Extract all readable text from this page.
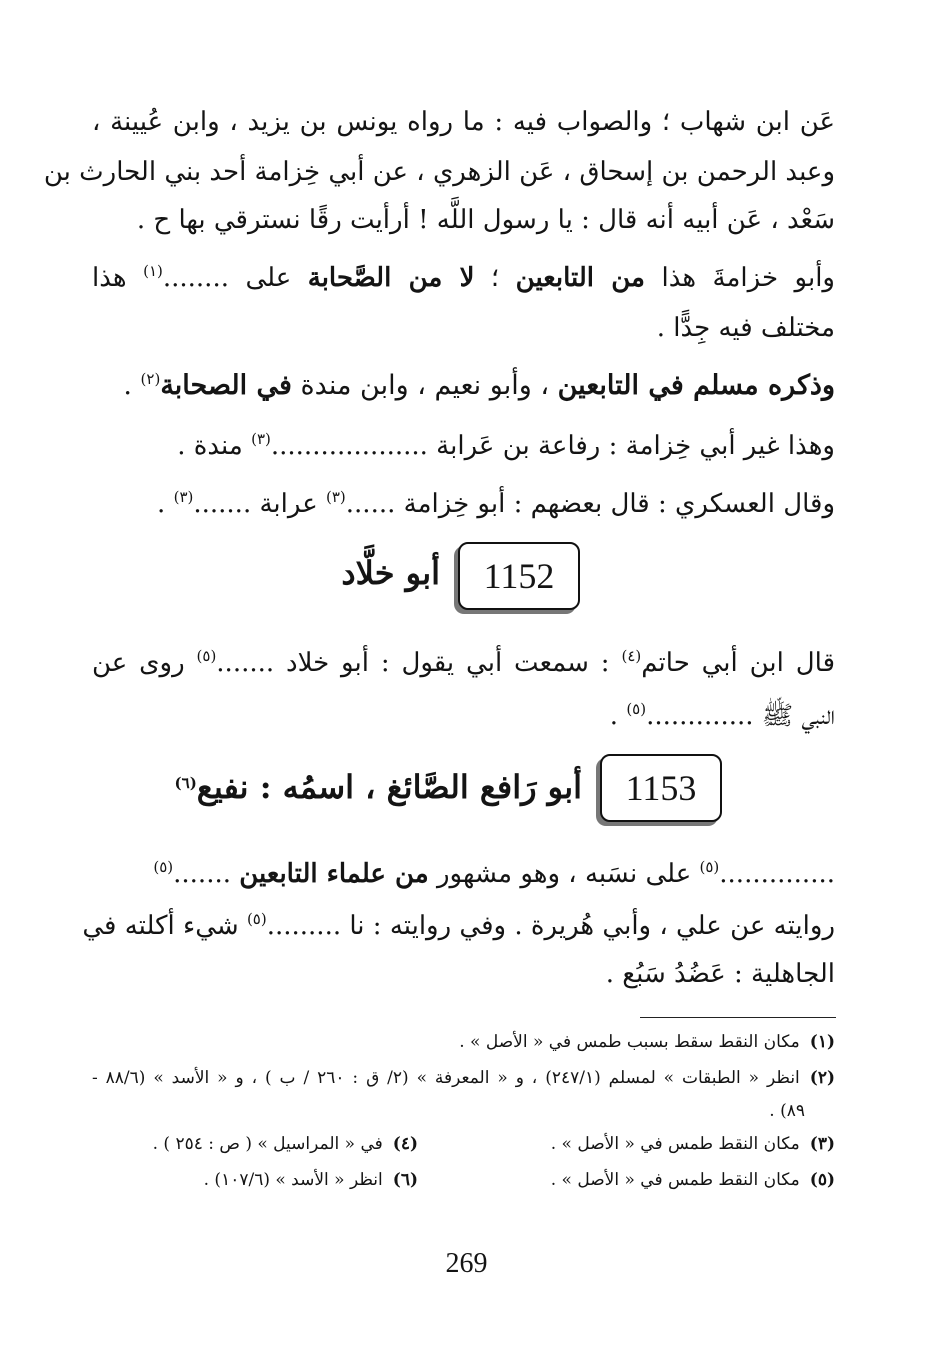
عَن ابن شهاب ؛ والصواب فيه : ما رواه يونس بن يزيد ، وابن عُيينة ،
وعبد الرحمن بن إسحاق ، عَن الزهري ، عن أبي خِزامة أحد بني الحارث بن
سَعْد ، عَن أبيه أنه قال : يا رسول اللَّه ! أرأيت رقًا نسترقي بها ح .
وأبو خزامةَ هذا من التابعين ؛ لا من الصَّحابة على ........$^{(١)}$ هذا
مختلف فيه جِدًّا .
وذكره مسلم في التابعين ، وأبو نعيم ، وابن مندة في الصحابة$^{(٢)}$ .
وهذا غير أبي خِزامة : رفاعة بن عَرابة ...................$^{(٣)}$ مندة .
وقال العسكري : قال بعضهم : أبو خِزامة ......$^{(٣)}$ عرابة .......$^{(٣)}$ .
1152
أبو خلَّاد
قال ابن أبي حاتم$^{(٤)}$ : سمعت أبي يقول : أبو خلاد .......$^{(٥)}$ روى عن
النبي ﷺ .............$^{(٥)}$ .
1153
أبو رَافع الصَّائغ ، اسمُه : نفيع$^{(٦)}$
..............$^{(٥)}$ على نسَبه ، وهو مشهور من علماء التابعين .......$^{(٥)}$
روايته عن علي ، وأبي هُريرة . وفي روايته : نا .........$^{(٥)}$ شيء أكلته في
الجاهلية : عَضُدُ سَبُع .
(١)مكان النقط سقط بسبب طمس في « الأصل » .
(٢)انظر « الطبقات » لمسلم (٢٤٧/١) ، و « المعرفة » (٢/ ق : ٢٦٠ / ب ) ، و « الأسد » (٨٨/٦ -
٨٩) .
(٣)مكان النقط طمس في « الأصل » .
(٤)في « المراسيل » ( ص : ٢٥٤ ) .
(٥)مكان النقط طمس في « الأصل » .
(٦)انظر « الأسد » (١٠٧/٦) .
269
